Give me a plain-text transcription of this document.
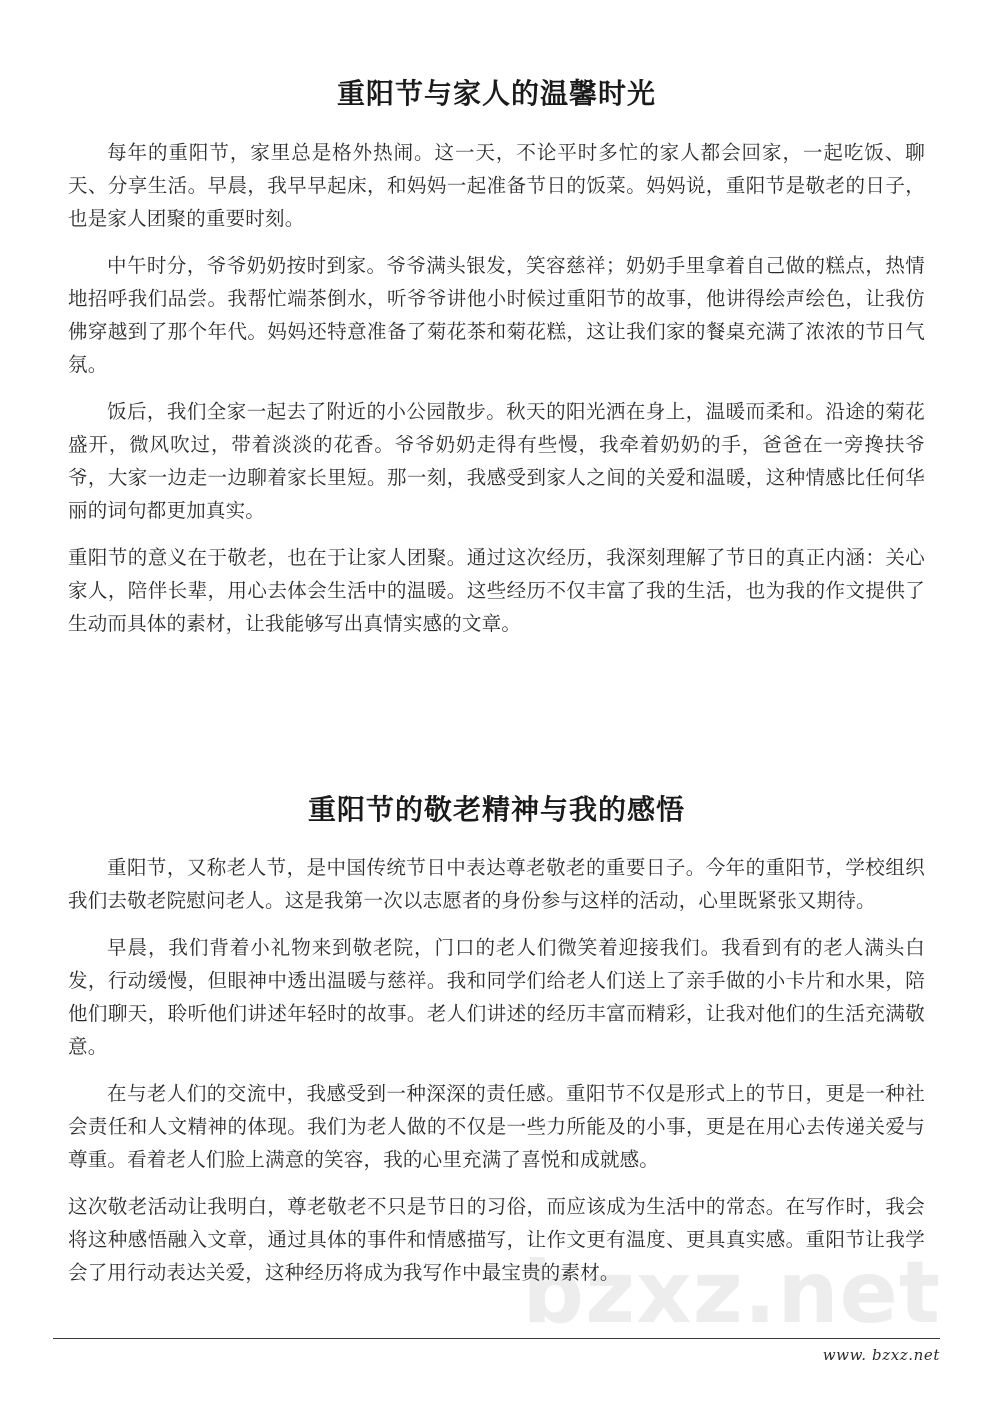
bzxz.net
重阳节与家人的温馨时光

每年的重阳节，家里总是格外热闹。这一天，不论平时多忙的家人都会回家，一起吃饭、聊天、分享生活。早晨，我早早起床，和妈妈一起准备节日的饭菜。妈妈说，重阳节是敬老的日子，也是家人团聚的重要时刻。

中午时分，爷爷奶奶按时到家。爷爷满头银发，笑容慈祥；奶奶手里拿着自己做的糕点，热情地招呼我们品尝。我帮忙端茶倒水，听爷爷讲他小时候过重阳节的故事，他讲得绘声绘色，让我仿佛穿越到了那个年代。妈妈还特意准备了菊花茶和菊花糕，这让我们家的餐桌充满了浓浓的节日气氛。

饭后，我们全家一起去了附近的小公园散步。秋天的阳光洒在身上，温暖而柔和。沿途的菊花盛开，微风吹过，带着淡淡的花香。爷爷奶奶走得有些慢，我牵着奶奶的手，爸爸在一旁搀扶爷爷，大家一边走一边聊着家长里短。那一刻，我感受到家人之间的关爱和温暖，这种情感比任何华丽的词句都更加真实。

重阳节的意义在于敬老，也在于让家人团聚。通过这次经历，我深刻理解了节日的真正内涵：关心家人，陪伴长辈，用心去体会生活中的温暖。这些经历不仅丰富了我的生活，也为我的作文提供了生动而具体的素材，让我能够写出真情实感的文章。

重阳节的敬老精神与我的感悟

重阳节，又称老人节，是中国传统节日中表达尊老敬老的重要日子。今年的重阳节，学校组织我们去敬老院慰问老人。这是我第一次以志愿者的身份参与这样的活动，心里既紧张又期待。

早晨，我们背着小礼物来到敬老院，门口的老人们微笑着迎接我们。我看到有的老人满头白发，行动缓慢，但眼神中透出温暖与慈祥。我和同学们给老人们送上了亲手做的小卡片和水果，陪他们聊天，聆听他们讲述年轻时的故事。老人们讲述的经历丰富而精彩，让我对他们的生活充满敬意。

在与老人们的交流中，我感受到一种深深的责任感。重阳节不仅是形式上的节日，更是一种社会责任和人文精神的体现。我们为老人做的不仅是一些力所能及的小事，更是在用心去传递关爱与尊重。看着老人们脸上满意的笑容，我的心里充满了喜悦和成就感。

这次敬老活动让我明白，尊老敬老不只是节日的习俗，而应该成为生活中的常态。在写作时，我会将这种感悟融入文章，通过具体的事件和情感描写，让作文更有温度、更具真实感。重阳节让我学会了用行动表达关爱，这种经历将成为我写作中最宝贵的素材。

www. bzxz.net
